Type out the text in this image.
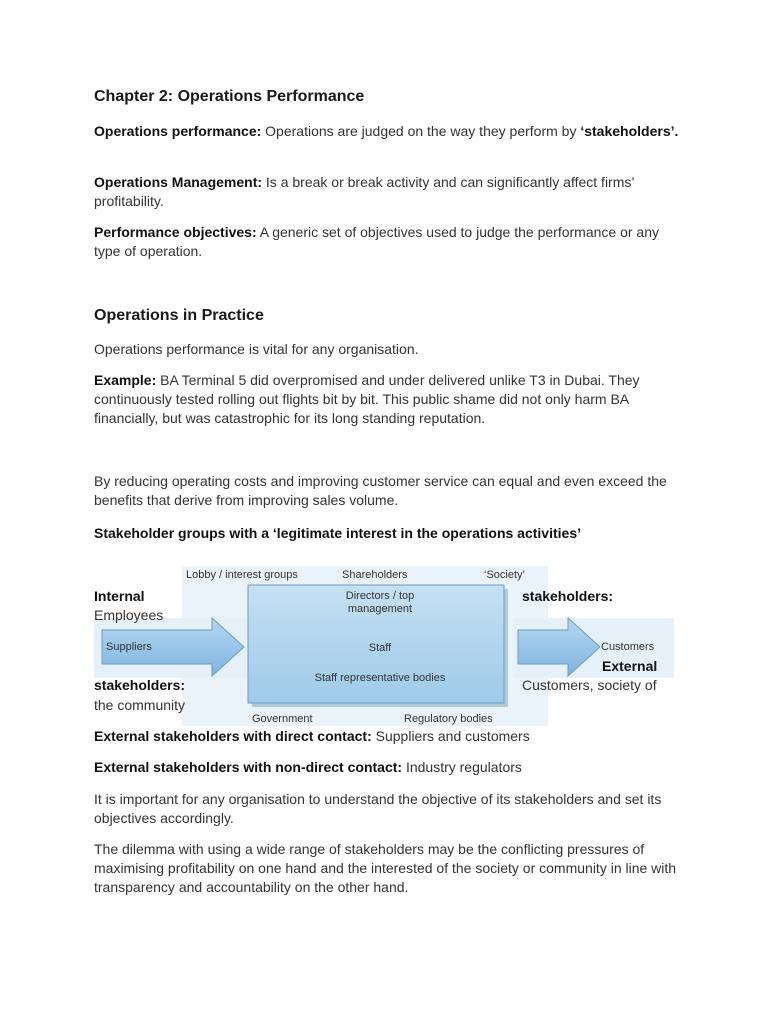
Chapter 2: Operations Performance

Operations performance: Operations are judged on the way they perform by ‘stakeholders’.

Operations Management: Is a break or break activity and can significantly affect firms’ profitability.

Performance objectives: A generic set of objectives used to judge the performance or any type of operation.

Operations in Practice

Operations performance is vital for any organisation.

Example: BA Terminal 5 did overpromised and under delivered unlike T3 in Dubai. They continuously tested rolling out flights bit by bit. This public shame did not only harm BA financially, but was catastrophic for its long standing reputation.

By reducing operating costs and improving customer service can equal and even exceed the benefits that derive from improving sales volume.

Stakeholder groups with a ‘legitimate interest in the operations activities’

Lobby / interest groups	Shareholders	‘Society’
Directors / top management
Staff
Staff representative bodies
Suppliers	Customers
Government	Regulatory bodies
Internal
Employees
stakeholders:
the community
stakeholders:
External
Customers, society of

External stakeholders with direct contact: Suppliers and customers

External stakeholders with non-direct contact: Industry regulators

It is important for any organisation to understand the objective of its stakeholders and set its objectives accordingly.

The dilemma with using a wide range of stakeholders may be the conflicting pressures of maximising profitability on one hand and the interested of the society or community in line with transparency and accountability on the other hand.
